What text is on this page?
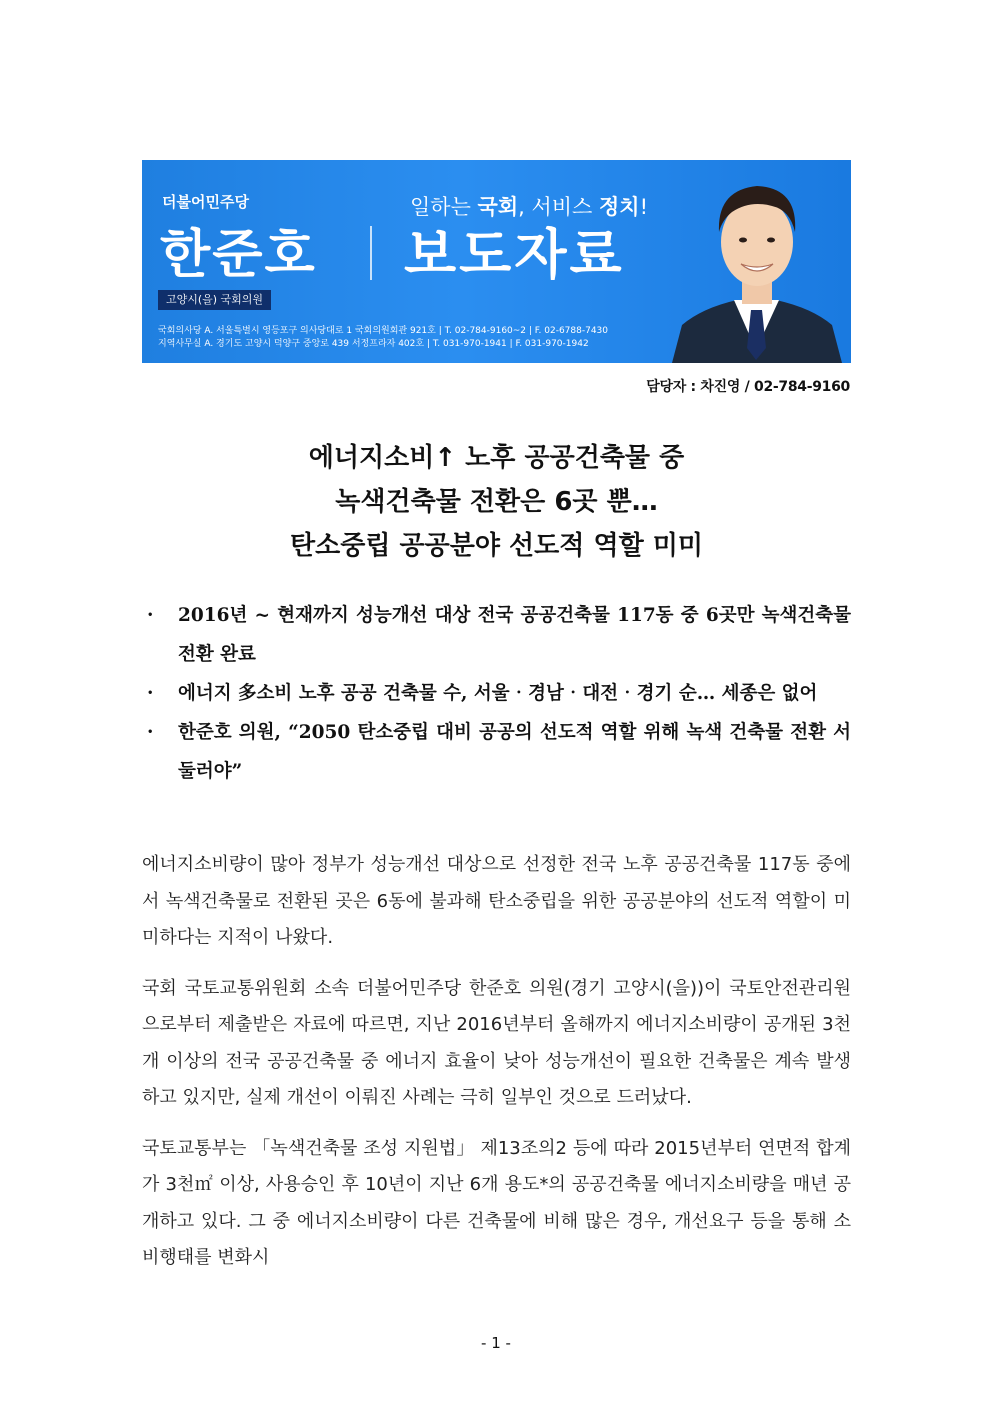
더불어민주당
한준호
일하는 국회, 서비스 정치!
보도자료
고양시(을) 국회의원
국회의사당 A. 서울특별시 영등포구 의사당대로 1 국회의원회관 921호 | T. 02-784-9160~2 | F. 02-6788-7430
지역사무실 A. 경기도 고양시 덕양구 중앙로 439 서정프라자 402호 | T. 031-970-1941 | F. 031-970-1942
담당자 : 차진영 / 02-784-9160
에너지소비↑ 노후 공공건축물 중
녹색건축물 전환은 6곳 뿐…
탄소중립 공공분야 선도적 역할 미미
· 2016년 ~ 현재까지 성능개선 대상 전국 공공건축물 117동 중 6곳만 녹색건축물 전환 완료
· 에너지 多소비 노후 공공 건축물 수, 서울‧경남‧대전‧경기 순… 세종은 없어
· 한준호 의원, “2050 탄소중립 대비 공공의 선도적 역할 위해 녹색 건축물 전환 서둘러야”

에너지소비량이 많아 정부가 성능개선 대상으로 선정한 전국 노후 공공건축물 117동 중에서 녹색건축물로 전환된 곳은 6동에 불과해 탄소중립을 위한 공공분야의 선도적 역할이 미미하다는 지적이 나왔다.

국회 국토교통위원회 소속 더불어민주당 한준호 의원(경기 고양시(을))이 국토안전관리원으로부터 제출받은 자료에 따르면, 지난 2016년부터 올해까지 에너지소비량이 공개된 3천 개 이상의 전국 공공건축물 중 에너지 효율이 낮아 성능개선이 필요한 건축물은 계속 발생하고 있지만, 실제 개선이 이뤄진 사례는 극히 일부인 것으로 드러났다.

국토교통부는 「녹색건축물 조성 지원법」 제13조의2 등에 따라 2015년부터 연면적 합계가 3천㎡ 이상, 사용승인 후 10년이 지난 6개 용도*의 공공건축물 에너지소비량을 매년 공개하고 있다. 그 중 에너지소비량이 다른 건축물에 비해 많은 경우, 개선요구 등을 통해 소비행태를 변화시

- 1 -
